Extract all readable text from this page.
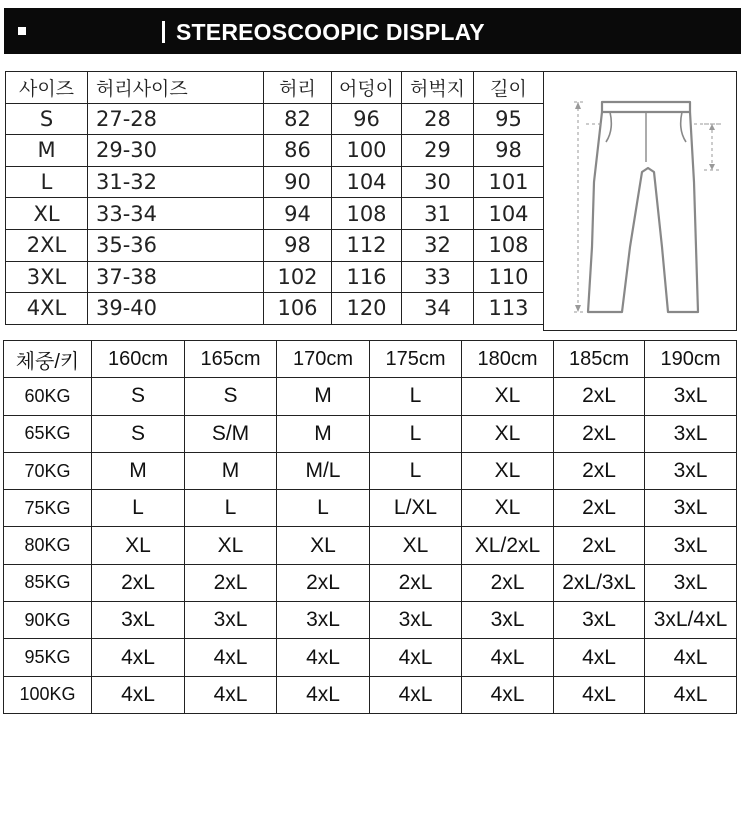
STEREOSCOOPIC DISPLAY
사이즈	허리사이즈	허리	어덩이	허벅지	길이
S	27-28	82	96	28	95
M	29-30	86	100	29	98
L	31-32	90	104	30	101
XL	33-34	94	108	31	104
2XL	35-36	98	112	32	108
3XL	37-38	102	116	33	110
4XL	39-40	106	120	34	113
체중/키	160cm	165cm	170cm	175cm	180cm	185cm	190cm
60KG	S	S	M	L	XL	2xL	3xL
65KG	S	S/M	M	L	XL	2xL	3xL
70KG	M	M	M/L	L	XL	2xL	3xL
75KG	L	L	L	L/XL	XL	2xL	3xL
80KG	XL	XL	XL	XL	XL/2xL	2xL	3xL
85KG	2xL	2xL	2xL	2xL	2xL	2xL/3xL	3xL
90KG	3xL	3xL	3xL	3xL	3xL	3xL	3xL/4xL
95KG	4xL	4xL	4xL	4xL	4xL	4xL	4xL
100KG	4xL	4xL	4xL	4xL	4xL	4xL	4xL
